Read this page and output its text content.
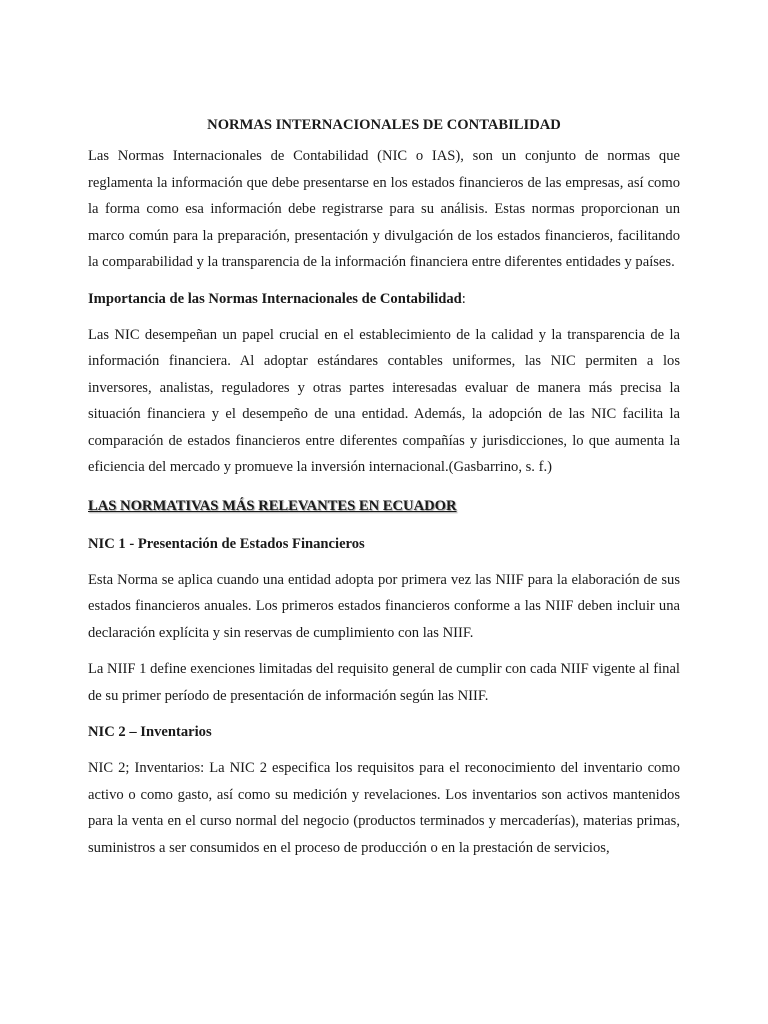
NORMAS INTERNACIONALES DE CONTABILIDAD

Las Normas Internacionales de Contabilidad (NIC o IAS), son un conjunto de normas que reglamenta la información que debe presentarse en los estados financieros de las empresas, así como la forma como esa información debe registrarse para su análisis. Estas normas proporcionan un marco común para la preparación, presentación y divulgación de los estados financieros, facilitando la comparabilidad y la transparencia de la información financiera entre diferentes entidades y países.

Importancia de las Normas Internacionales de Contabilidad:

Las NIC desempeñan un papel crucial en el establecimiento de la calidad y la transparencia de la información financiera. Al adoptar estándares contables uniformes, las NIC permiten a los inversores, analistas, reguladores y otras partes interesadas evaluar de manera más precisa la situación financiera y el desempeño de una entidad. Además, la adopción de las NIC facilita la comparación de estados financieros entre diferentes compañías y jurisdicciones, lo que aumenta la eficiencia del mercado y promueve la inversión internacional.(Gasbarrino, s. f.)

LAS NORMATIVAS MÁS RELEVANTES EN ECUADOR
NIC 1 - Presentación de Estados Financieros

Esta Norma se aplica cuando una entidad adopta por primera vez las NIIF para la elaboración de sus estados financieros anuales. Los primeros estados financieros conforme a las NIIF deben incluir una declaración explícita y sin reservas de cumplimiento con las NIIF.

La NIIF 1 define exenciones limitadas del requisito general de cumplir con cada NIIF vigente al final de su primer período de presentación de información según las NIIF.

NIC 2 – Inventarios

NIC 2; Inventarios: La NIC 2 especifica los requisitos para el reconocimiento del inventario como activo o como gasto, así como su medición y revelaciones. Los inventarios son activos mantenidos para la venta en el curso normal del negocio (productos terminados y mercaderías), materias primas, suministros a ser consumidos en el proceso de producción o en la prestación de servicios,
